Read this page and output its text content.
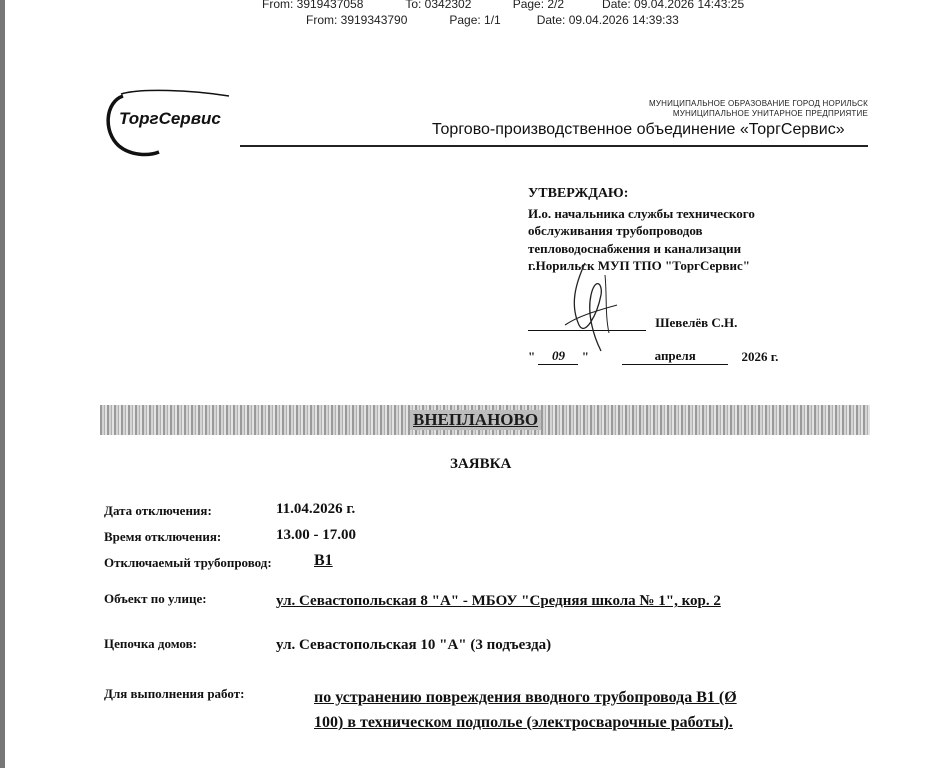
From: 3919437058	To: 0342302	Page: 2/2	Date: 09.04.2026 14:43:25
From: 3919343790	Page: 1/1	Date: 09.04.2026 14:39:33
ТоргСервис
МУНИЦИПАЛЬНОЕ ОБРАЗОВАНИЕ ГОРОД НОРИЛЬСК
МУНИЦИПАЛЬНОЕ УНИТАРНОЕ ПРЕДПРИЯТИЕ
Торгово-производственное объединение «ТоргСервис»
УТВЕРЖДАЮ:
И.о. начальника службы технического
обслуживания трубопроводов
тепловодоснабжения и канализации
г.Норильск МУП ТПО "ТоргСервис"
Шевелёв С.Н.
" 09 "	апреля	2026 г.
ВНЕПЛАНОВО
ЗАЯВКА
Дата отключения:	11.04.2026 г.
Время отключения:	13.00 - 17.00
Отключаемый трубопровод:	В1
Объект по улице:	ул. Севастопольская 8 "А" - МБОУ "Средняя школа № 1", кор. 2
Цепочка домов:	ул. Севастопольская 10 "А" (3 подъезда)
Для выполнения работ:	по устранению повреждения вводного трубопровода В1 (Ø
100) в техническом подполье (электросварочные работы).
